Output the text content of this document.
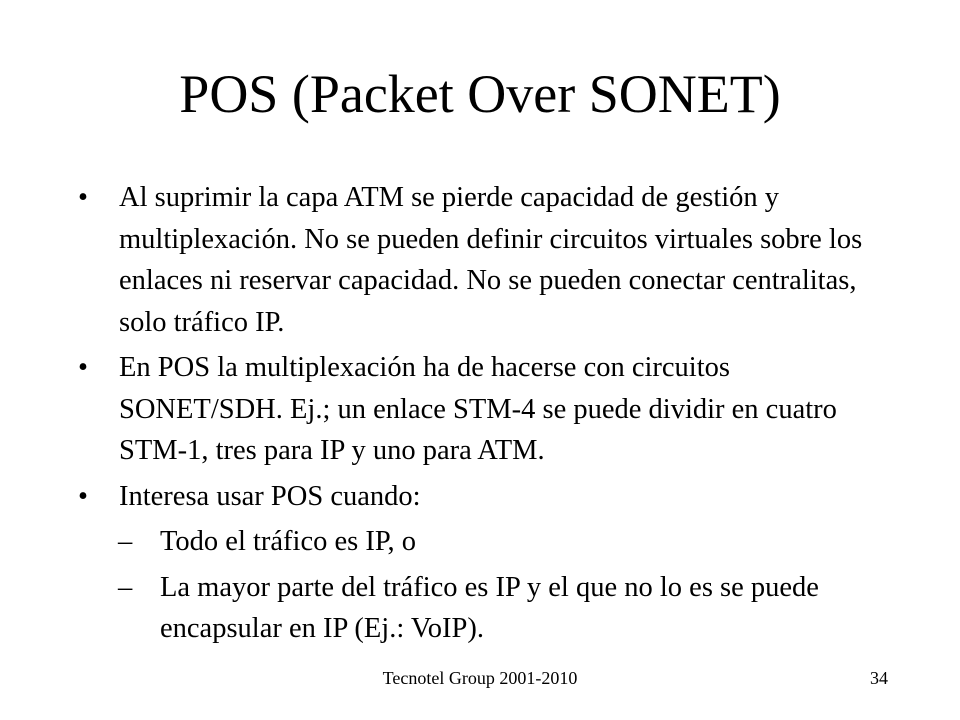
POS (Packet Over SONET)
• Al suprimir la capa ATM se pierde capacidad de gestión y multiplexación. No se pueden definir circuitos virtuales sobre los enlaces ni reservar capacidad. No se pueden conectar centralitas, solo tráfico IP.
• En POS la multiplexación ha de hacerse con circuitos SONET/SDH. Ej.; un enlace STM-4 se puede dividir en cuatro STM-1, tres para IP y uno para ATM.
• Interesa usar POS cuando:
– Todo el tráfico es IP, o
– La mayor parte del tráfico es IP y el que no lo es se puede encapsular en IP (Ej.: VoIP).
Tecnotel Group 2001-2010	34
